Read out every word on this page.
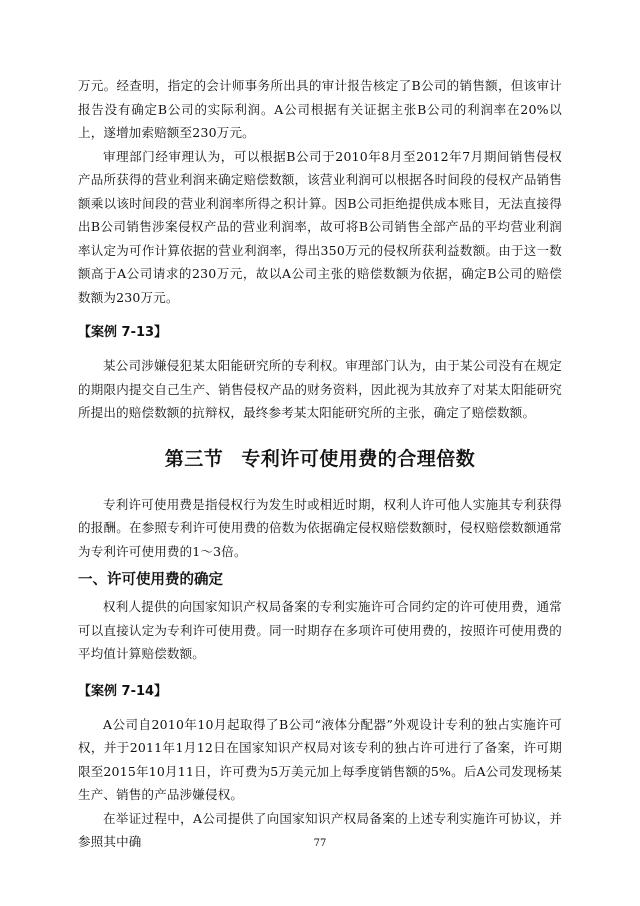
万元。经查明，指定的会计师事务所出具的审计报告核定了B公司的销售额，但该审计报告没有确定B公司的实际利润。A公司根据有关证据主张B公司的利润率在20%以上，遂增加索赔额至230万元。

审理部门经审理认为，可以根据B公司于2010年8月至2012年7月期间销售侵权产品所获得的营业利润来确定赔偿数额，该营业利润可以根据各时间段的侵权产品销售额乘以该时间段的营业利润率所得之积计算。因B公司拒绝提供成本账目，无法直接得出B公司销售涉案侵权产品的营业利润率，故可将B公司销售全部产品的平均营业利润率认定为可作计算依据的营业利润率，得出350万元的侵权所获利益数额。由于这一数额高于A公司请求的230万元，故以A公司主张的赔偿数额为依据，确定B公司的赔偿数额为230万元。

【案例 7-13】

某公司涉嫌侵犯某太阳能研究所的专利权。审理部门认为，由于某公司没有在规定的期限内提交自己生产、销售侵权产品的财务资料，因此视为其放弃了对某太阳能研究所提出的赔偿数额的抗辩权，最终参考某太阳能研究所的主张，确定了赔偿数额。

第三节 专利许可使用费的合理倍数

专利许可使用费是指侵权行为发生时或相近时期，权利人许可他人实施其专利获得的报酬。在参照专利许可使用费的倍数为依据确定侵权赔偿数额时，侵权赔偿数额通常为专利许可使用费的1～3倍。

一、许可使用费的确定

权利人提供的向国家知识产权局备案的专利实施许可合同约定的许可使用费，通常可以直接认定为专利许可使用费。同一时期存在多项许可使用费的，按照许可使用费的平均值计算赔偿数额。

【案例 7-14】

A公司自2010年10月起取得了B公司“液体分配器”外观设计专利的独占实施许可权，并于2011年1月12日在国家知识产权局对该专利的独占许可进行了备案，许可期限至2015年10月11日，许可费为5万美元加上每季度销售额的5%。后A公司发现杨某生产、销售的产品涉嫌侵权。

在举证过程中，A公司提供了向国家知识产权局备案的上述专利实施许可协议，并参照其中确	77
